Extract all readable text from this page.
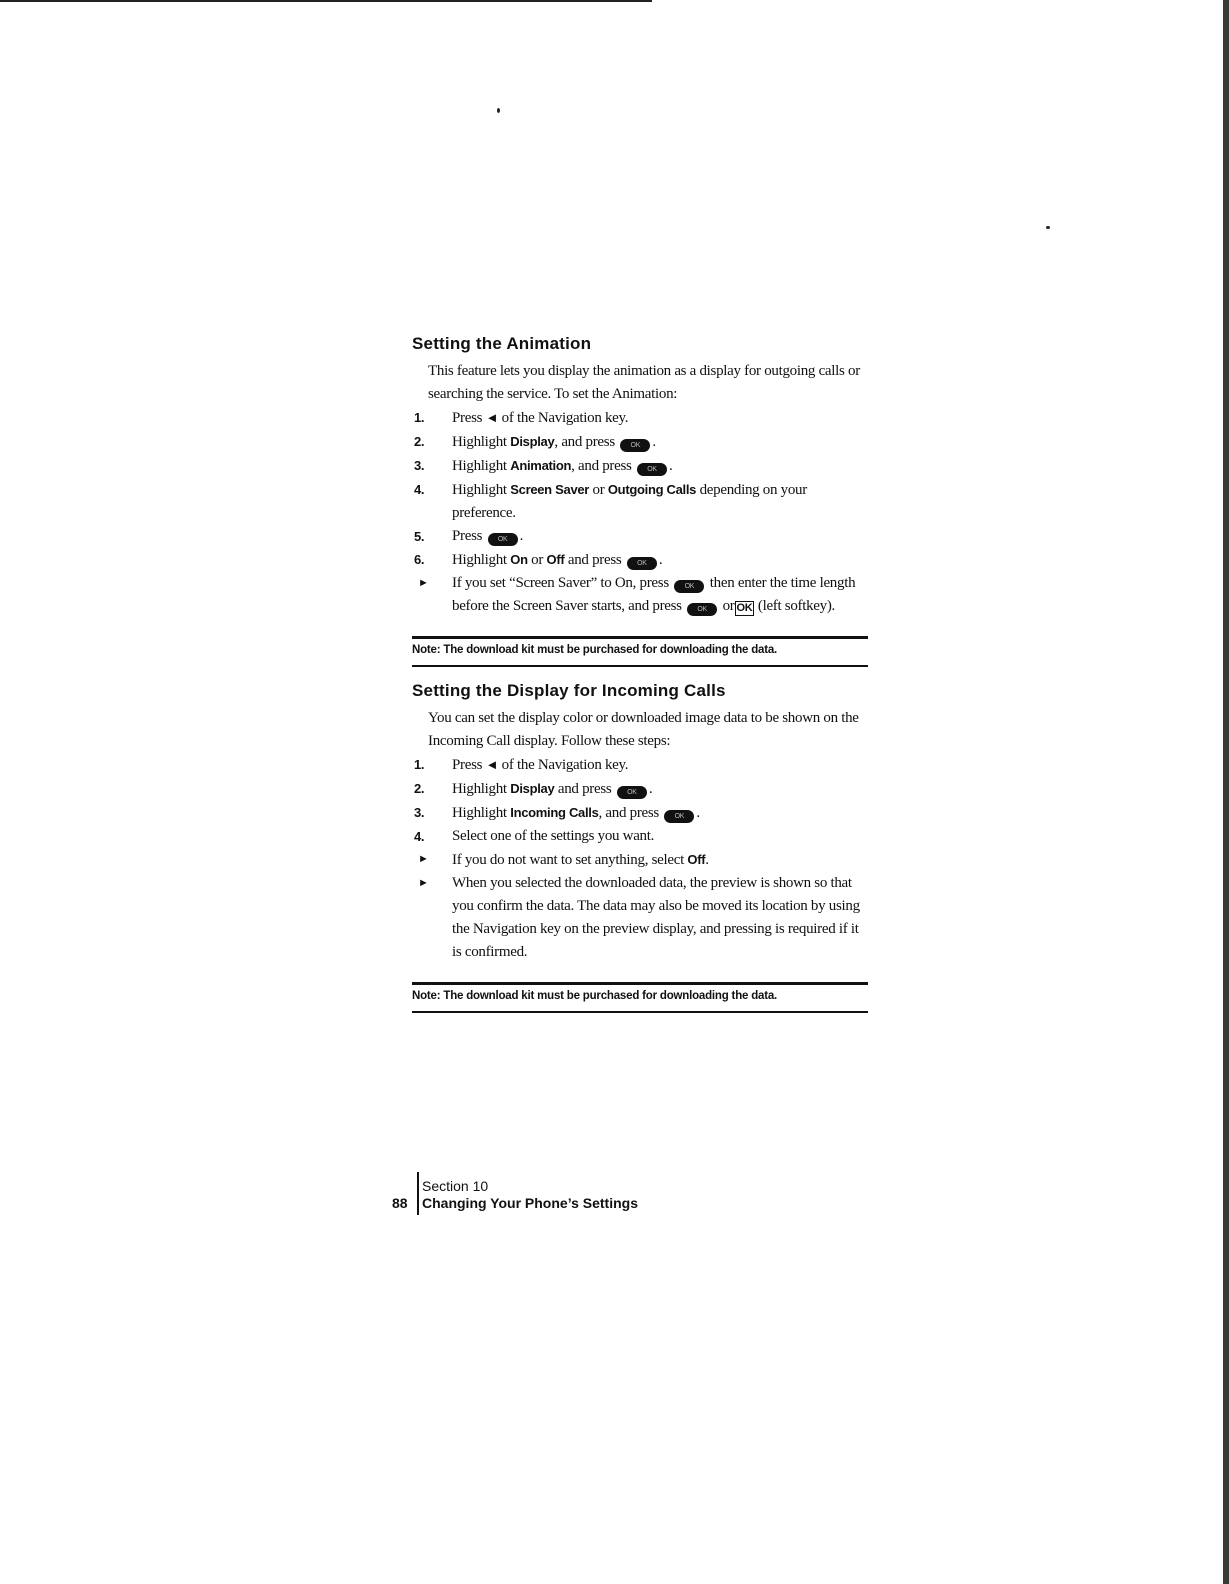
Setting the Animation

This feature lets you display the animation as a display for outgoing calls or searching the service. To set the Animation:

1. Press ◄ of the Navigation key.
2. Highlight Display, and press OK .
3. Highlight Animation, and press OK .
4. Highlight Screen Saver or Outgoing Calls depending on your preference.
5. Press OK .
6. Highlight On or Off and press OK .
► If you set “Screen Saver” to On, press OK then enter the time length before the Screen Saver starts, and press OK or OK (left softkey).
Note: The download kit must be purchased for downloading the data.
Setting the Display for Incoming Calls

You can set the display color or downloaded image data to be shown on the Incoming Call display. Follow these steps:

1. Press ◄ of the Navigation key.
2. Highlight Display and press OK .
3. Highlight Incoming Calls, and press OK .
4. Select one of the settings you want.
► If you do not want to set anything, select Off.
► When you selected the downloaded data, the preview is shown so that you confirm the data. The data may also be moved its location by using the Navigation key on the preview display, and pressing is required if it is confirmed.
Note: The download kit must be purchased for downloading the data.
88
Section 10
Changing Your Phone’s Settings
